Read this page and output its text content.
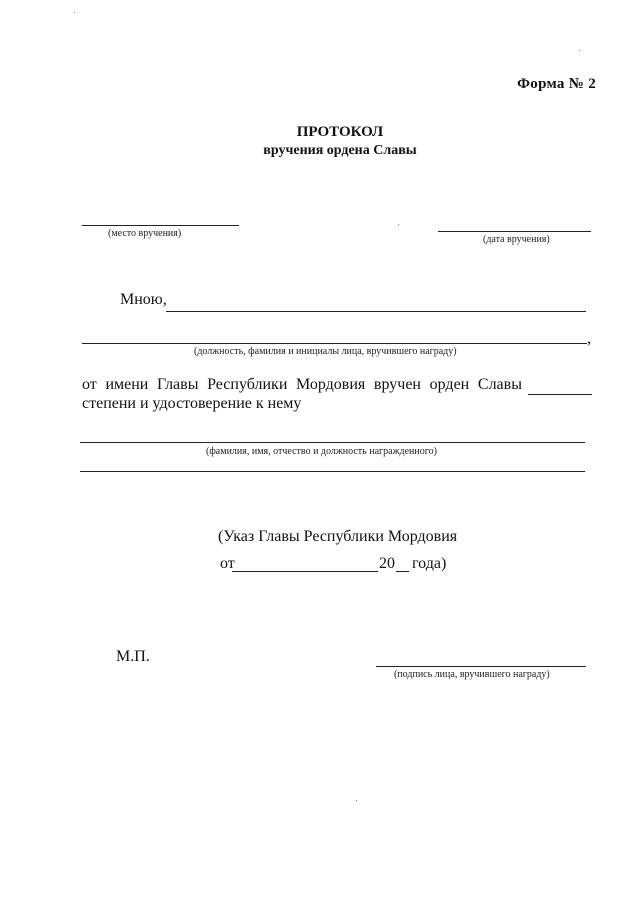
Форма № 2
ПРОТОКОЛ
вручения ордена Славы
(место вручения)
(дата вручения)
Мною,
,
(должность, фамилия и инициалы лица, вручившего награду)
от имени Главы Республики Мордовия вручен орден Славы
степени и удостоверение к нему
(фамилия, имя, отчество и должность награжденного)
(Указ Главы Республики Мордовия
от	20 года)
М.П.
(подпись лица, вручившего награду)
